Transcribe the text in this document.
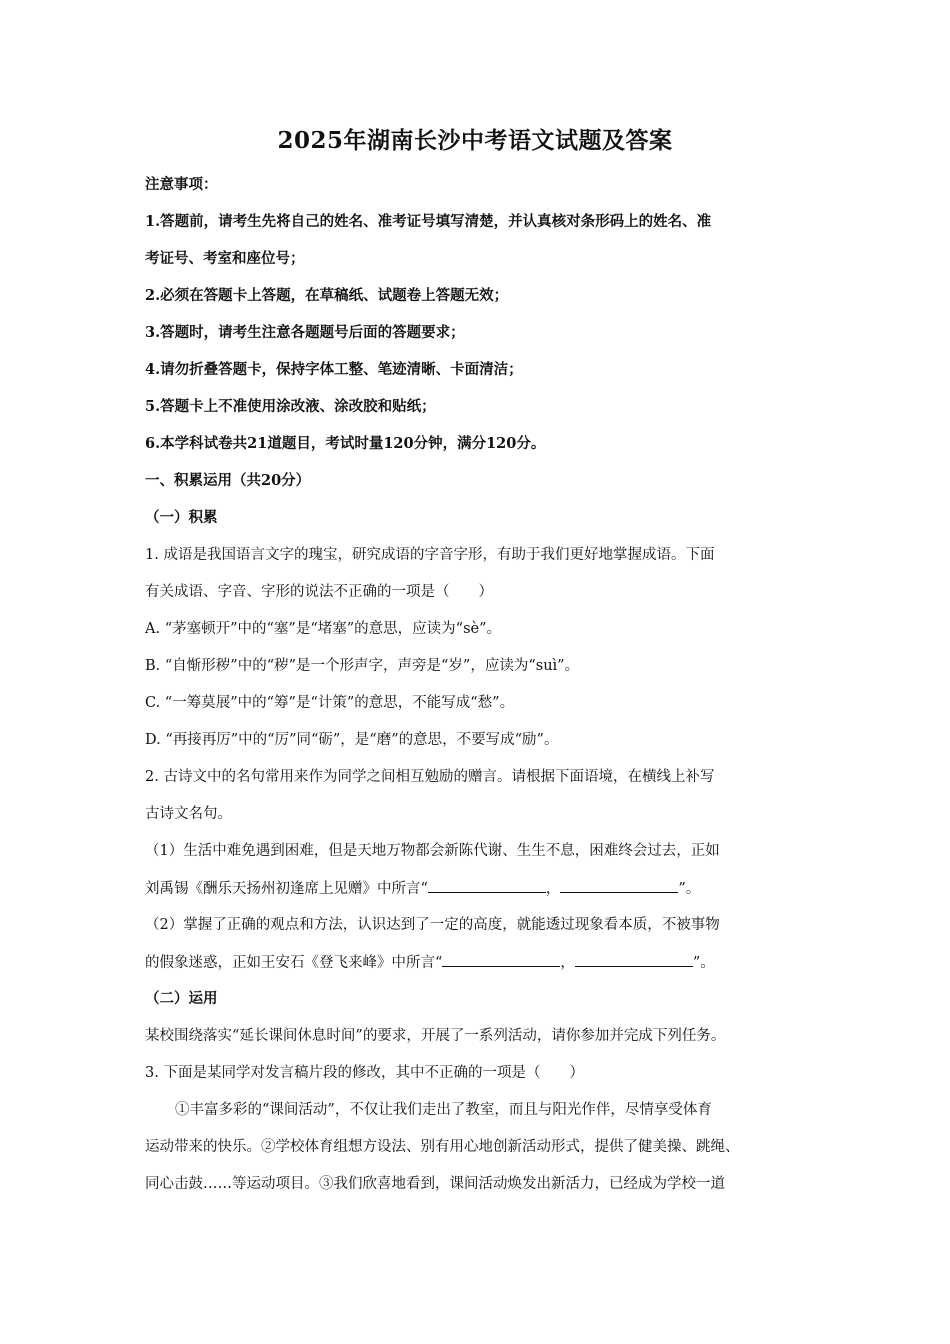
2025年湖南长沙中考语文试题及答案
注意事项：
1.答题前，请考生先将自己的姓名、准考证号填写清楚，并认真核对条形码上的姓名、准
考证号、考室和座位号；
2.必须在答题卡上答题，在草稿纸、试题卷上答题无效；
3.答题时，请考生注意各题题号后面的答题要求；
4.请勿折叠答题卡，保持字体工整、笔迹清晰、卡面清洁；
5.答题卡上不准使用涂改液、涂改胶和贴纸；
6.本学科试卷共21道题目，考试时量120分钟，满分120分。
一、积累运用（共20分）
（一）积累
1. 成语是我国语言文字的瑰宝，研究成语的字音字形，有助于我们更好地掌握成语。下面
有关成语、字音、字形的说法不正确的一项是（　　）
A. “茅塞顿开”中的“塞”是“堵塞”的意思，应读为“sè”。
B. “自惭形秽”中的“秽”是一个形声字，声旁是“岁”，应读为“suì”。
C. “一筹莫展”中的“筹”是“计策”的意思，不能写成“愁”。
D. “再接再厉”中的“厉”同“砺”，是“磨”的意思，不要写成“励”。
2. 古诗文中的名句常用来作为同学之间相互勉励的赠言。请根据下面语境，在横线上补写
古诗文名句。
（1）生活中难免遇到困难，但是天地万物都会新陈代谢、生生不息，困难终会过去，正如
刘禹锡《酬乐天扬州初逢席上见赠》中所言“	，	”。
（2）掌握了正确的观点和方法，认识达到了一定的高度，就能透过现象看本质，不被事物
的假象迷惑，正如王安石《登飞来峰》中所言“	，	”。
（二）运用
某校围绕落实“延长课间休息时间”的要求，开展了一系列活动，请你参加并完成下列任务。
3. 下面是某同学对发言稿片段的修改，其中不正确的一项是（　　）
①丰富多彩的“课间活动”，不仅让我们走出了教室，而且与阳光作伴，尽情享受体育
运动带来的快乐。②学校体育组想方设法、别有用心地创新活动形式，提供了健美操、跳绳、
同心击鼓……等运动项目。③我们欣喜地看到，课间活动焕发出新活力，已经成为学校一道
